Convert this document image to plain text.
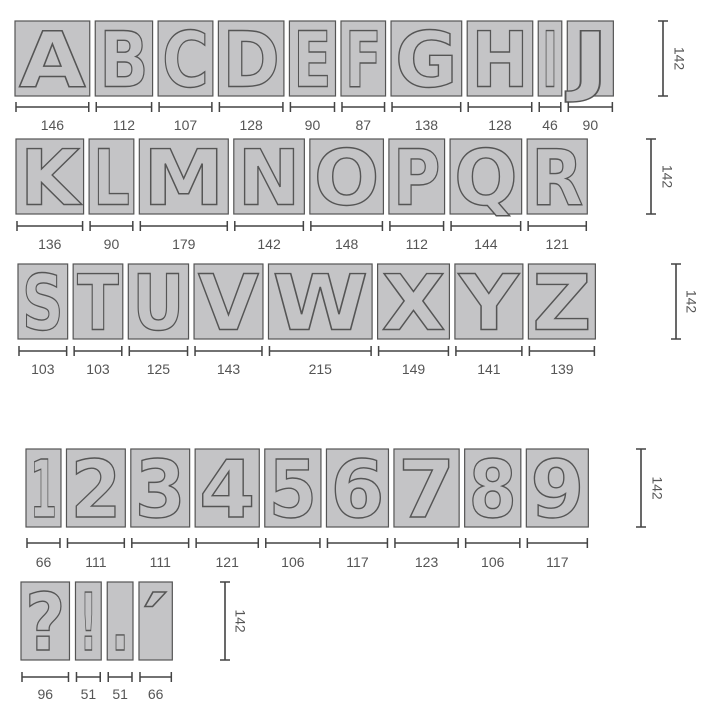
A
146
B
112
C
107
D
128
E
90
F
87
G
138
H
128
I
46
J
90
142
K
136
L
90
M
179
N
142
O
148
P
112
Q
144
R
121
142
S
103
T
103
U
125
V
143
W
215
X
149
Y
141
Z
139
142
1
66
2
111
3
111
4
121
5
106
6
117
7
123
8
106
9
117
142
?
96
!
51
.
51
′
66
142
